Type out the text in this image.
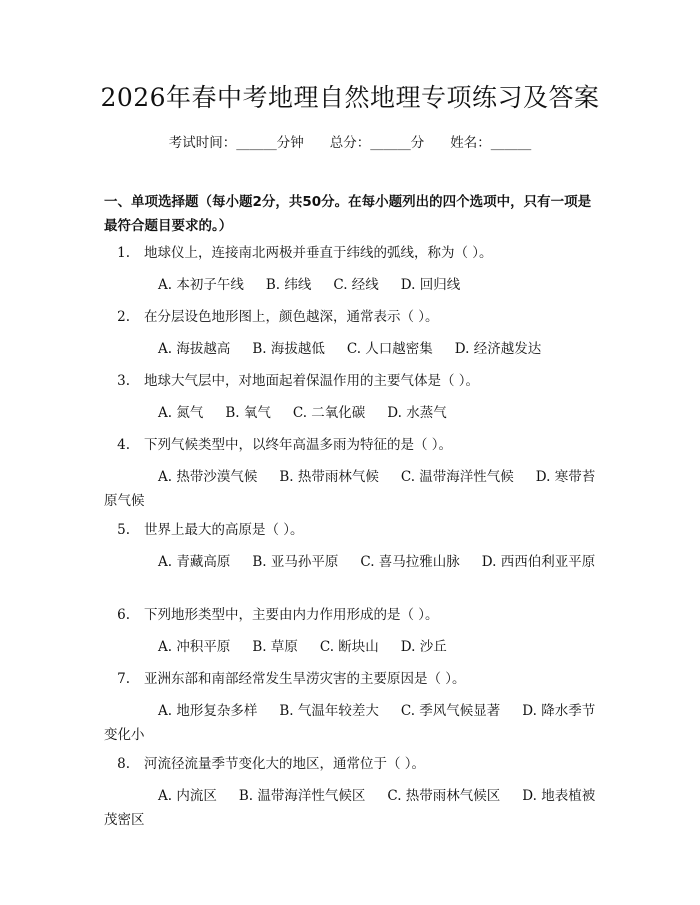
2026年春中考地理自然地理专项练习及答案
考试时间：______分钟 总分：______分 姓名：______
一、单项选择题（每小题2分，共50分。在每小题列出的四个选项中，只有一项是最符合题目要求的。）
1. 地球仪上，连接南北两极并垂直于纬线的弧线，称为（ ）。
A. 本初子午线 B. 纬线 C. 经线 D. 回归线
2. 在分层设色地形图上，颜色越深，通常表示（ ）。
A. 海拔越高 B. 海拔越低 C. 人口越密集 D. 经济越发达
3. 地球大气层中，对地面起着保温作用的主要气体是（ ）。
A. 氮气 B. 氧气 C. 二氧化碳 D. 水蒸气
4. 下列气候类型中，以终年高温多雨为特征的是（ ）。
A. 热带沙漠气候 B. 热带雨林气候 C. 温带海洋性气候 D. 寒带苔原气候
5. 世界上最大的高原是（ ）。
A. 青藏高原 B. 亚马孙平原 C. 喜马拉雅山脉 D. 西西伯利亚平原
6. 下列地形类型中，主要由内力作用形成的是（ ）。
A. 冲积平原 B. 草原 C. 断块山 D. 沙丘
7. 亚洲东部和南部经常发生旱涝灾害的主要原因是（ ）。
A. 地形复杂多样 B. 气温年较差大 C. 季风气候显著 D. 降水季节变化小
8. 河流径流量季节变化大的地区，通常位于（ ）。
A. 内流区 B. 温带海洋性气候区 C. 热带雨林气候区 D. 地表植被茂密区
